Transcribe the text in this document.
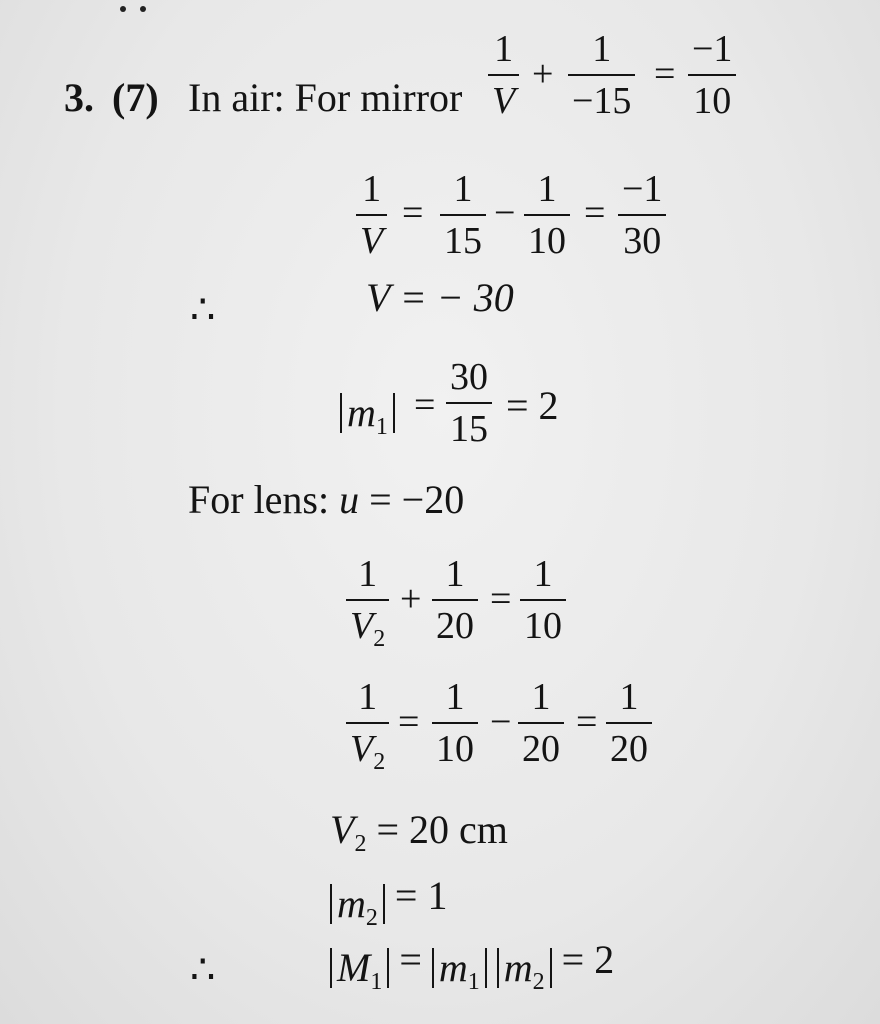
3. (7) In air: For mirror
1
V
+
1
−15
=
−1
10
1
V
=
1
15
−
1
10
=
−1
30
∴	V = − 30
$m_1$
=
30
15
= 2
For lens: u = −20
1
$V_2$
+
1
20
=
1
10
1
$V_2$
=
1
10
−
1
20
=
1
20
$V_2 = 20$ cm
$m_2 = 1$
∴	$M_1 = m_1$ $m_2 = 2$
